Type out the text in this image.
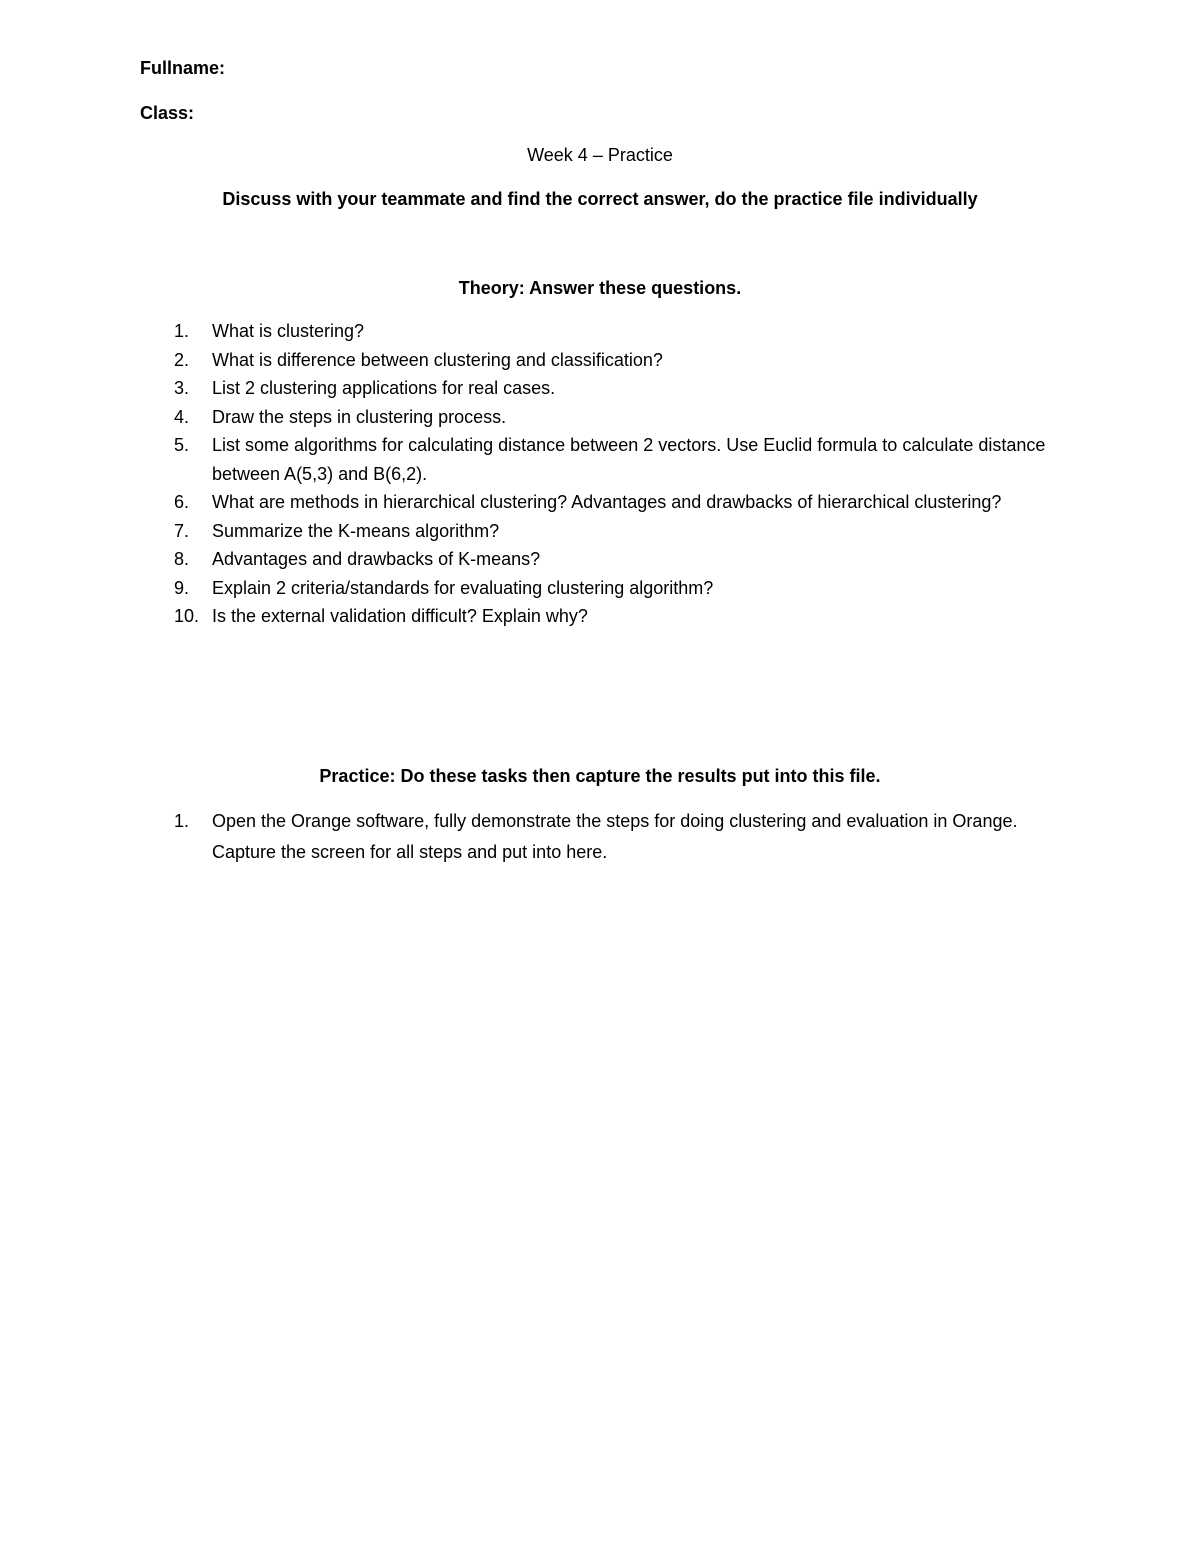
Fullname:
Class:
Week 4 – Practice
Discuss with your teammate and find the correct answer, do the practice file individually
Theory: Answer these questions.
1. What is clustering?
2. What is difference between clustering and classification?
3. List 2 clustering applications for real cases.
4. Draw the steps in clustering process.
5. List some algorithms for calculating distance between 2 vectors. Use Euclid formula to calculate distance between A(5,3) and B(6,2).
6. What are methods in hierarchical clustering? Advantages and drawbacks of hierarchical clustering?
7. Summarize the K-means algorithm?
8. Advantages and drawbacks of K-means?
9. Explain 2 criteria/standards for evaluating clustering algorithm?
10. Is the external validation difficult? Explain why?
Practice: Do these tasks then capture the results put into this file.
1. Open the Orange software, fully demonstrate the steps for doing clustering and evaluation in Orange. Capture the screen for all steps and put into here.
